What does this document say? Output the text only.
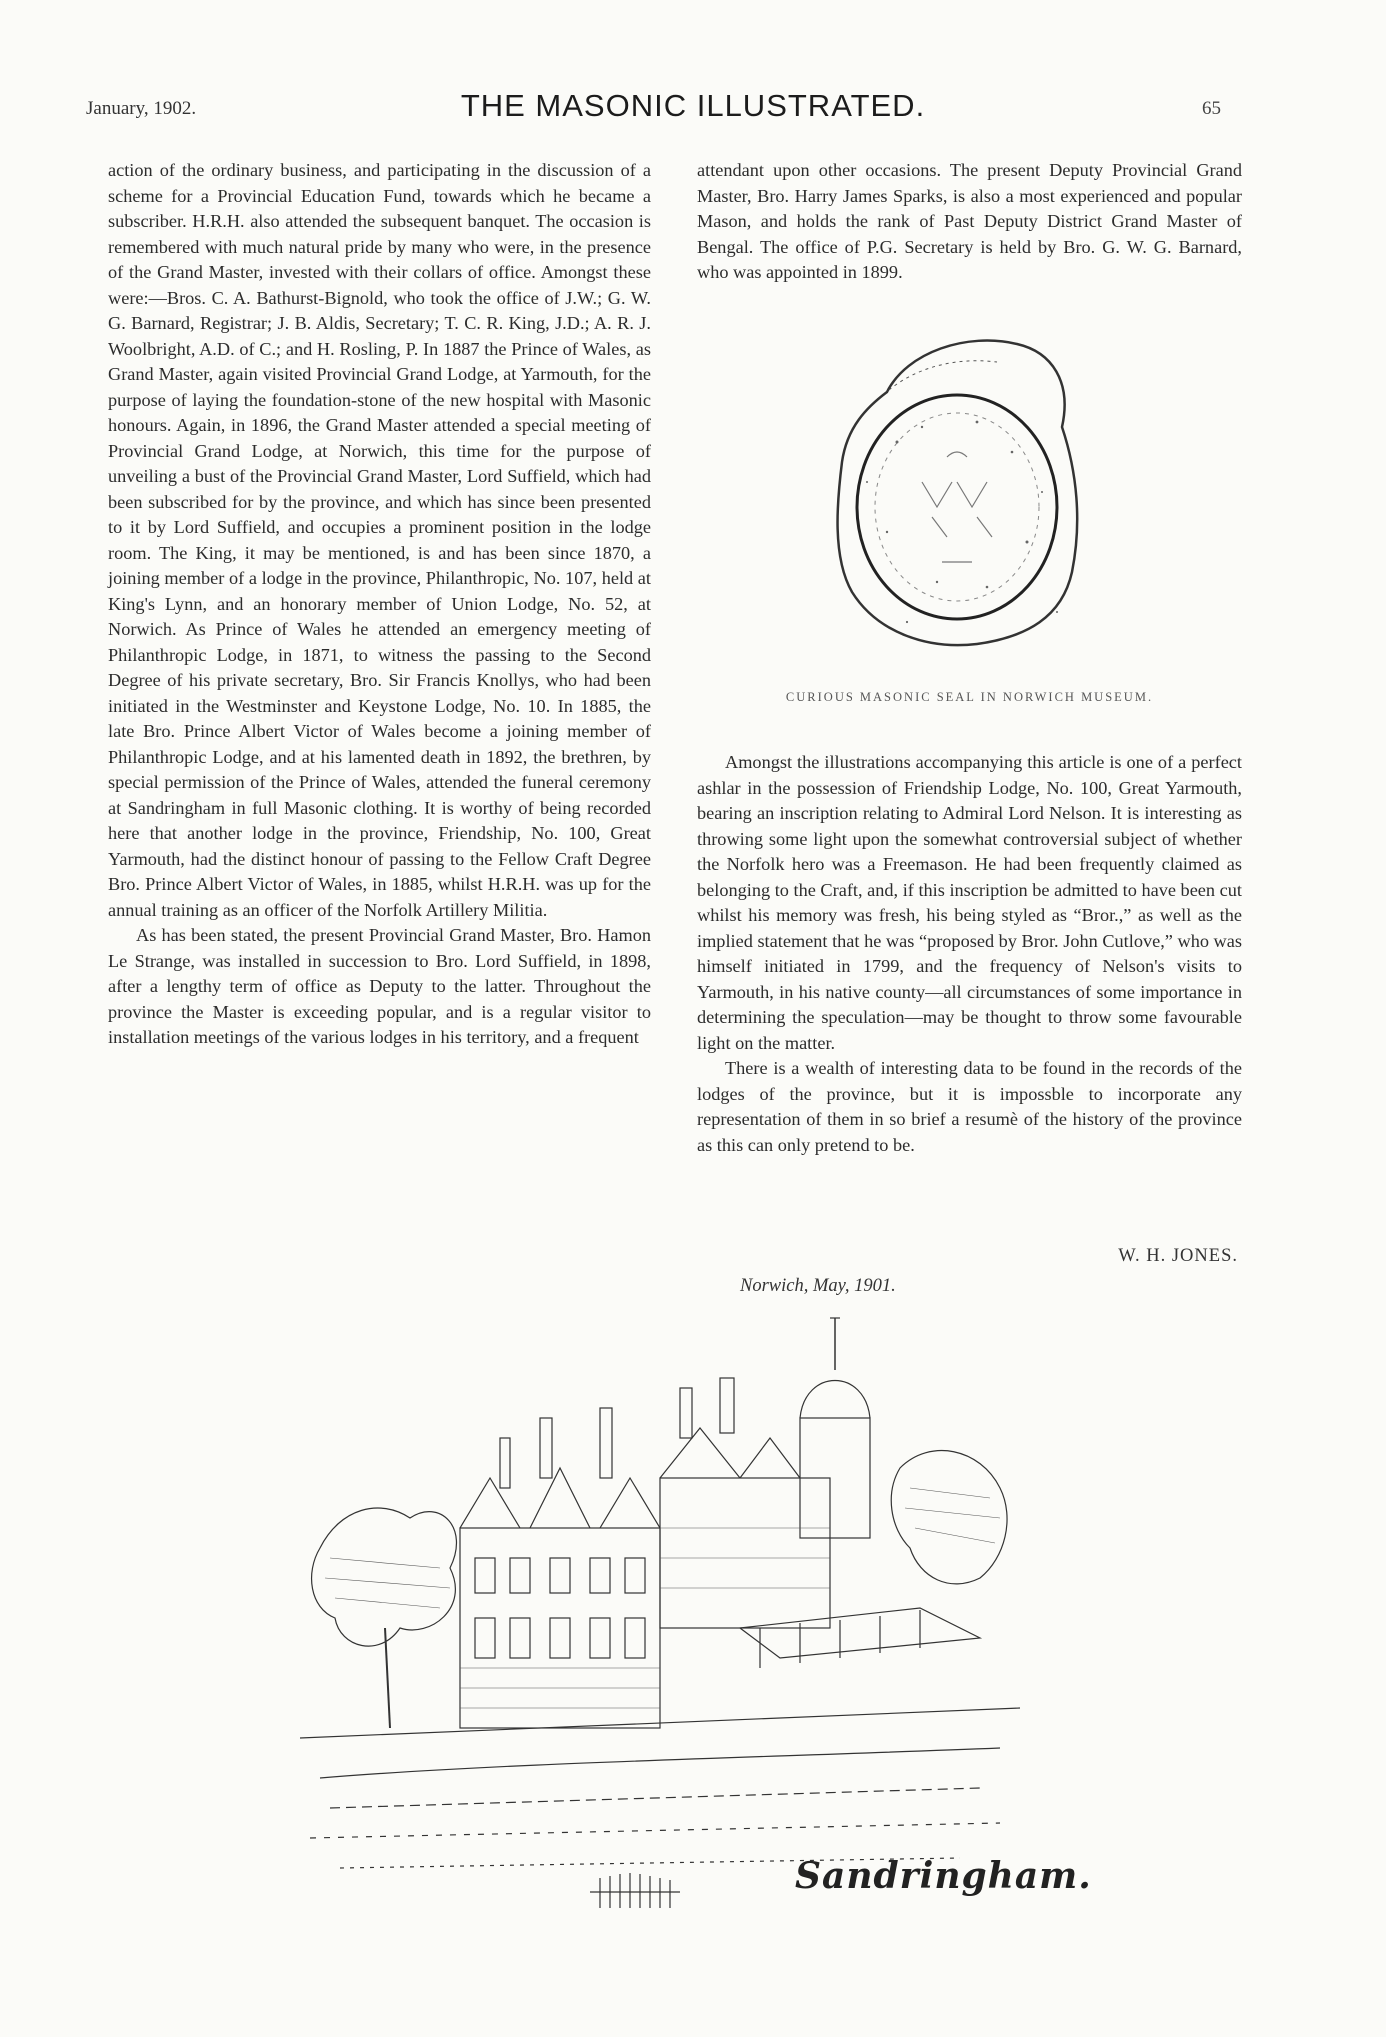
January, 1902.	THE MASONIC ILLUSTRATED.	65

action of the ordinary business, and participating in the discussion of a scheme for a Provincial Education Fund, towards which he became a subscriber. H.R.H. also attended the subsequent banquet. The occasion is remembered with much natural pride by many who were, in the presence of the Grand Master, invested with their collars of office. Amongst these were:—Bros. C. A. Bathurst-Bignold, who took the office of J.W.; G. W. G. Barnard, Registrar; J. B. Aldis, Secretary; T. C. R. King, J.D.; A. R. J. Woolbright, A.D. of C.; and H. Rosling, P. In 1887 the Prince of Wales, as Grand Master, again visited Provincial Grand Lodge, at Yarmouth, for the purpose of laying the foundation-stone of the new hospital with Masonic honours. Again, in 1896, the Grand Master attended a special meeting of Provincial Grand Lodge, at Norwich, this time for the purpose of unveiling a bust of the Provincial Grand Master, Lord Suffield, which had been subscribed for by the province, and which has since been presented to it by Lord Suffield, and occupies a prominent position in the lodge room. The King, it may be mentioned, is and has been since 1870, a joining member of a lodge in the province, Philanthropic, No. 107, held at King's Lynn, and an honorary member of Union Lodge, No. 52, at Norwich. As Prince of Wales he attended an emergency meeting of Philanthropic Lodge, in 1871, to witness the passing to the Second Degree of his private secretary, Bro. Sir Francis Knollys, who had been initiated in the Westminster and Keystone Lodge, No. 10. In 1885, the late Bro. Prince Albert Victor of Wales become a joining member of Philanthropic Lodge, and at his lamented death in 1892, the brethren, by special permission of the Prince of Wales, attended the funeral ceremony at Sandringham in full Masonic clothing. It is worthy of being recorded here that another lodge in the province, Friendship, No. 100, Great Yarmouth, had the distinct honour of passing to the Fellow Craft Degree Bro. Prince Albert Victor of Wales, in 1885, whilst H.R.H. was up for the annual training as an officer of the Norfolk Artillery Militia.

As has been stated, the present Provincial Grand Master, Bro. Hamon Le Strange, was installed in succession to Bro. Lord Suffield, in 1898, after a lengthy term of office as Deputy to the latter. Throughout the province the Master is exceeding popular, and is a regular visitor to installation meetings of the various lodges in his territory, and a frequent

attendant upon other occasions. The present Deputy Provincial Grand Master, Bro. Harry James Sparks, is also a most experienced and popular Mason, and holds the rank of Past Deputy District Grand Master of Bengal. The office of P.G. Secretary is held by Bro. G. W. G. Barnard, who was appointed in 1899.

CURIOUS MASONIC SEAL IN NORWICH MUSEUM.

Amongst the illustrations accompanying this article is one of a perfect ashlar in the possession of Friendship Lodge, No. 100, Great Yarmouth, bearing an inscription relating to Admiral Lord Nelson. It is interesting as throwing some light upon the somewhat controversial subject of whether the Norfolk hero was a Freemason. He had been frequently claimed as belonging to the Craft, and, if this inscription be admitted to have been cut whilst his memory was fresh, his being styled as “Bror.,” as well as the implied statement that he was “proposed by Bror. John Cutlove,” who was himself initiated in 1799, and the frequency of Nelson's visits to Yarmouth, in his native county—all circumstances of some importance in determining the speculation—may be thought to throw some favourable light on the matter.

There is a wealth of interesting data to be found in the records of the lodges of the province, but it is impossble to incorporate any representation of them in so brief a resumè of the history of the province as this can only pretend to be.

W. H. JONES.
Norwich, May, 1901.
Sandringham.
